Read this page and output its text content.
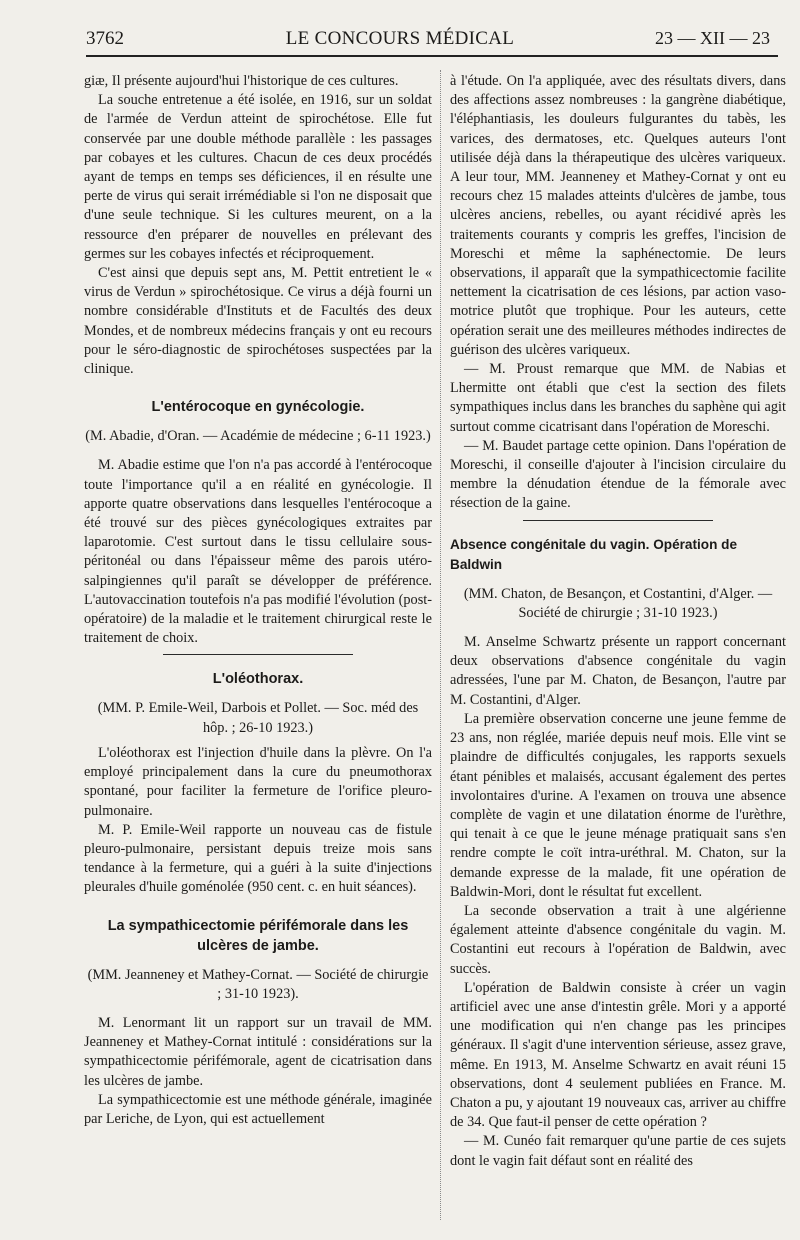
3762	LE CONCOURS MÉDICAL	23 — XII — 23

giæ, Il présente aujourd'hui l'historique de ces cultures.

La souche entretenue a été isolée, en 1916, sur un soldat de l'armée de Verdun atteint de spirochétose. Elle fut conservée par une double méthode parallèle : les passages par cobayes et les cultures. Chacun de ces deux procédés ayant de temps en temps ses déficiences, il en résulte une perte de virus qui serait irrémédiable si l'on ne disposait que d'une seule technique. Si les cultures meurent, on a la ressource d'en préparer de nouvelles en prélevant des germes sur les cobayes infectés et réciproquement.

C'est ainsi que depuis sept ans, M. Pettit entretient le « virus de Verdun » spirochétosique. Ce virus a déjà fourni un nombre considérable d'Instituts et de Facultés des deux Mondes, et de nombreux médecins français y ont eu recours pour le séro-diagnostic de spirochétoses suspectées par la clinique.

L'entérocoque en gynécologie.

(M. Abadie, d'Oran. — Académie de médecine ; 6-11 1923.)

M. Abadie estime que l'on n'a pas accordé à l'entérocoque toute l'importance qu'il a en réalité en gynécologie. Il apporte quatre observations dans lesquelles l'entérocoque a été trouvé sur des pièces gynécologiques extraites par laparotomie. C'est surtout dans le tissu cellulaire sous-péritonéal ou dans l'épaisseur même des parois utéro-salpingiennes qu'il paraît se développer de préférence. L'autovaccination toutefois n'a pas modifié l'évolution (post-opératoire) de la maladie et le traitement chirurgical reste le traitement de choix.

L'oléothorax.

(MM. P. Emile-Weil, Darbois et Pollet. — Soc. méd des hôp. ; 26-10 1923.)

L'oléothorax est l'injection d'huile dans la plèvre. On l'a employé principalement dans la cure du pneumothorax spontané, pour faciliter la fermeture de l'orifice pleuro-pulmonaire.

M. P. Emile-Weil rapporte un nouveau cas de fistule pleuro-pulmonaire, persistant depuis treize mois sans tendance à la fermeture, qui a guéri à la suite d'injections pleurales d'huile goménolée (950 cent. c. en huit séances).

La sympathicectomie périfémorale dans les ulcères de jambe.

(MM. Jeanneney et Mathey-Cornat. — Société de chirurgie ; 31-10 1923).

M. Lenormant lit un rapport sur un travail de MM. Jeanneney et Mathey-Cornat intitulé : considérations sur la sympathicectomie périfémorale, agent de cicatrisation dans les ulcères de jambe.

La sympathicectomie est une méthode générale, imaginée par Leriche, de Lyon, qui est actuellement

à l'étude. On l'a appliquée, avec des résultats divers, dans des affections assez nombreuses : la gangrène diabétique, l'éléphantiasis, les douleurs fulgurantes du tabès, les varices, des dermatoses, etc. Quelques auteurs l'ont utilisée déjà dans la thérapeutique des ulcères variqueux. A leur tour, MM. Jeanneney et Mathey-Cornat y ont eu recours chez 15 malades atteints d'ulcères de jambe, tous ulcères anciens, rebelles, ou ayant récidivé après les traitements courants y compris les greffes, l'incision de Moreschi et même la saphénectomie. De leurs observations, il apparaît que la sympathicectomie facilite nettement la cicatrisation de ces lésions, par action vaso-motrice plutôt que trophique. Pour les auteurs, cette opération serait une des meilleures méthodes indirectes de guérison des ulcères variqueux.

— M. Proust remarque que MM. de Nabias et Lhermitte ont établi que c'est la section des filets sympathiques inclus dans les branches du saphène qui agit surtout comme cicatrisant dans l'opération de Moreschi.

— M. Baudet partage cette opinion. Dans l'opération de Moreschi, il conseille d'ajouter à l'incision circulaire du membre la dénudation étendue de la fémorale avec résection de la gaine.

Absence congénitale du vagin. Opération de Baldwin

(MM. Chaton, de Besançon, et Costantini, d'Alger. — Société de chirurgie ; 31-10 1923.)

M. Anselme Schwartz présente un rapport concernant deux observations d'absence congénitale du vagin adressées, l'une par M. Chaton, de Besançon, l'autre par M. Costantini, d'Alger.

La première observation concerne une jeune femme de 23 ans, non réglée, mariée depuis neuf mois. Elle vint se plaindre de difficultés conjugales, les rapports sexuels étant pénibles et malaisés, accusant également des pertes involontaires d'urine. A l'examen on trouva une absence complète de vagin et une dilatation énorme de l'urèthre, qui tenait à ce que le jeune ménage pratiquait sans s'en rendre compte le coït intra-uréthral. M. Chaton, sur la demande expresse de la malade, fit une opération de Baldwin-Mori, dont le résultat fut excellent.

La seconde observation a trait à une algérienne également atteinte d'absence congénitale du vagin. M. Costantini eut recours à l'opération de Baldwin, avec succès.

L'opération de Baldwin consiste à créer un vagin artificiel avec une anse d'intestin grêle. Mori y a apporté une modification qui n'en change pas les principes généraux. Il s'agit d'une intervention sérieuse, assez grave, même. En 1913, M. Anselme Schwartz en avait réuni 15 observations, dont 4 seulement publiées en France. M. Chaton a pu, y ajoutant 19 nouveaux cas, arriver au chiffre de 34. Que faut-il penser de cette opération ?

— M. Cunéo fait remarquer qu'une partie de ces sujets dont le vagin fait défaut sont en réalité des
